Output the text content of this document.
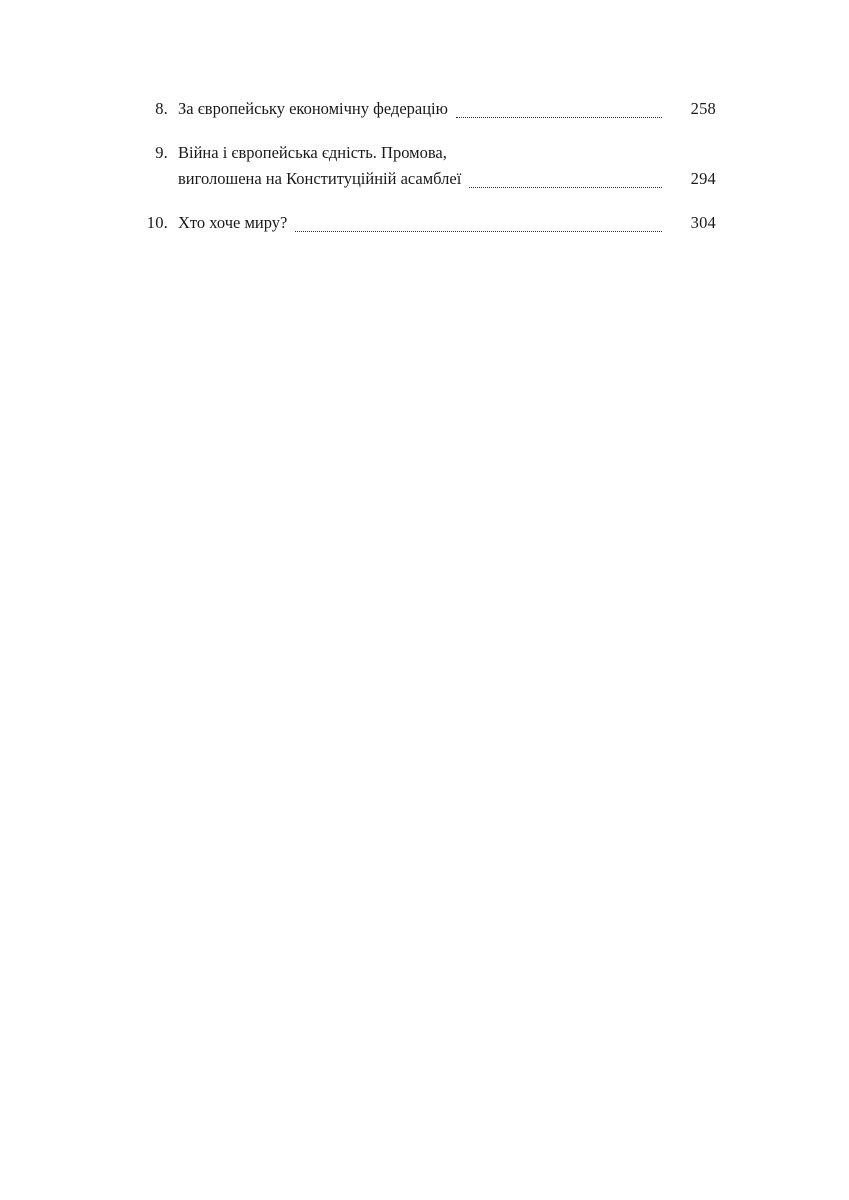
8. За європейську економічну федерацію	258
9. Війна і європейська єдність. Промова,
виголошена на Конституційній асамблеї	294
10. Хто хоче миру?	304
